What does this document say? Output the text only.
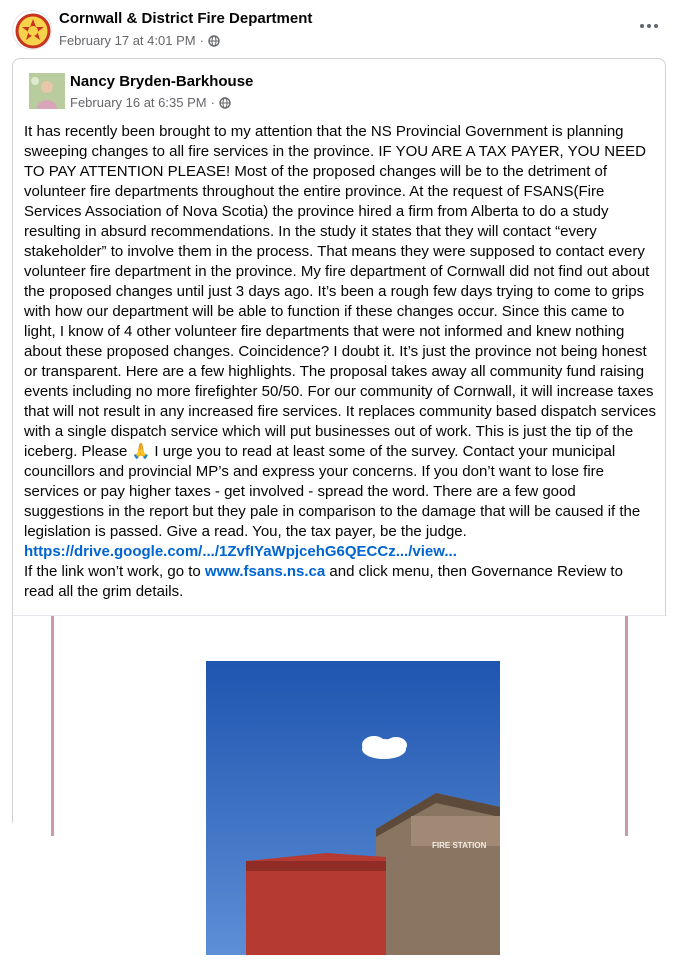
Cornwall & District Fire Department
February 17 at 4:01 PM ·
Nancy Bryden-Barkhouse
February 16 at 6:35 PM ·

It has recently been brought to my attention that the NS Provincial Government is planning sweeping changes to all fire services in the province. IF YOU ARE A TAX PAYER, YOU NEED TO PAY ATTENTION PLEASE! Most of the proposed changes will be to the detriment of volunteer fire departments throughout the entire province. At the request of FSANS(Fire Services Association of Nova Scotia) the province hired a firm from Alberta to do a study resulting in absurd recommendations. In the study it states that they will contact “every stakeholder” to involve them in the process. That means they were supposed to contact every volunteer fire department in the province. My fire department of Cornwall did not find out about the proposed changes until just 3 days ago. It’s been a rough few days trying to come to grips with how our department will be able to function if these changes occur. Since this came to light, I know of 4 other volunteer fire departments that were not informed and knew nothing about these proposed changes. Coincidence? I doubt it. It’s just the province not being honest or transparent. Here are a few highlights. The proposal takes away all community fund raising events including no more firefighter 50/50. For our community of Cornwall, it will increase taxes that will not result in any increased fire services. It replaces community based dispatch services with a single dispatch service which will put businesses out of work. This is just the tip of the iceberg. Please 🙏 I urge you to read at least some of the survey. Contact your municipal councillors and provincial MP’s and express your concerns. If you don’t want to lose fire services or pay higher taxes - get involved - spread the word. There are a few good suggestions in the report but they pale in comparison to the damage that will be caused if the legislation is passed. Give a read. You, the tax payer, be the judge.

https://drive.google.com/.../1ZvfIYaWpjcehG6QECCz.../view...

If the link won’t work, go to www.fsans.ns.ca and click menu, then Governance Review to read all the grim details.

FIRE STATION
